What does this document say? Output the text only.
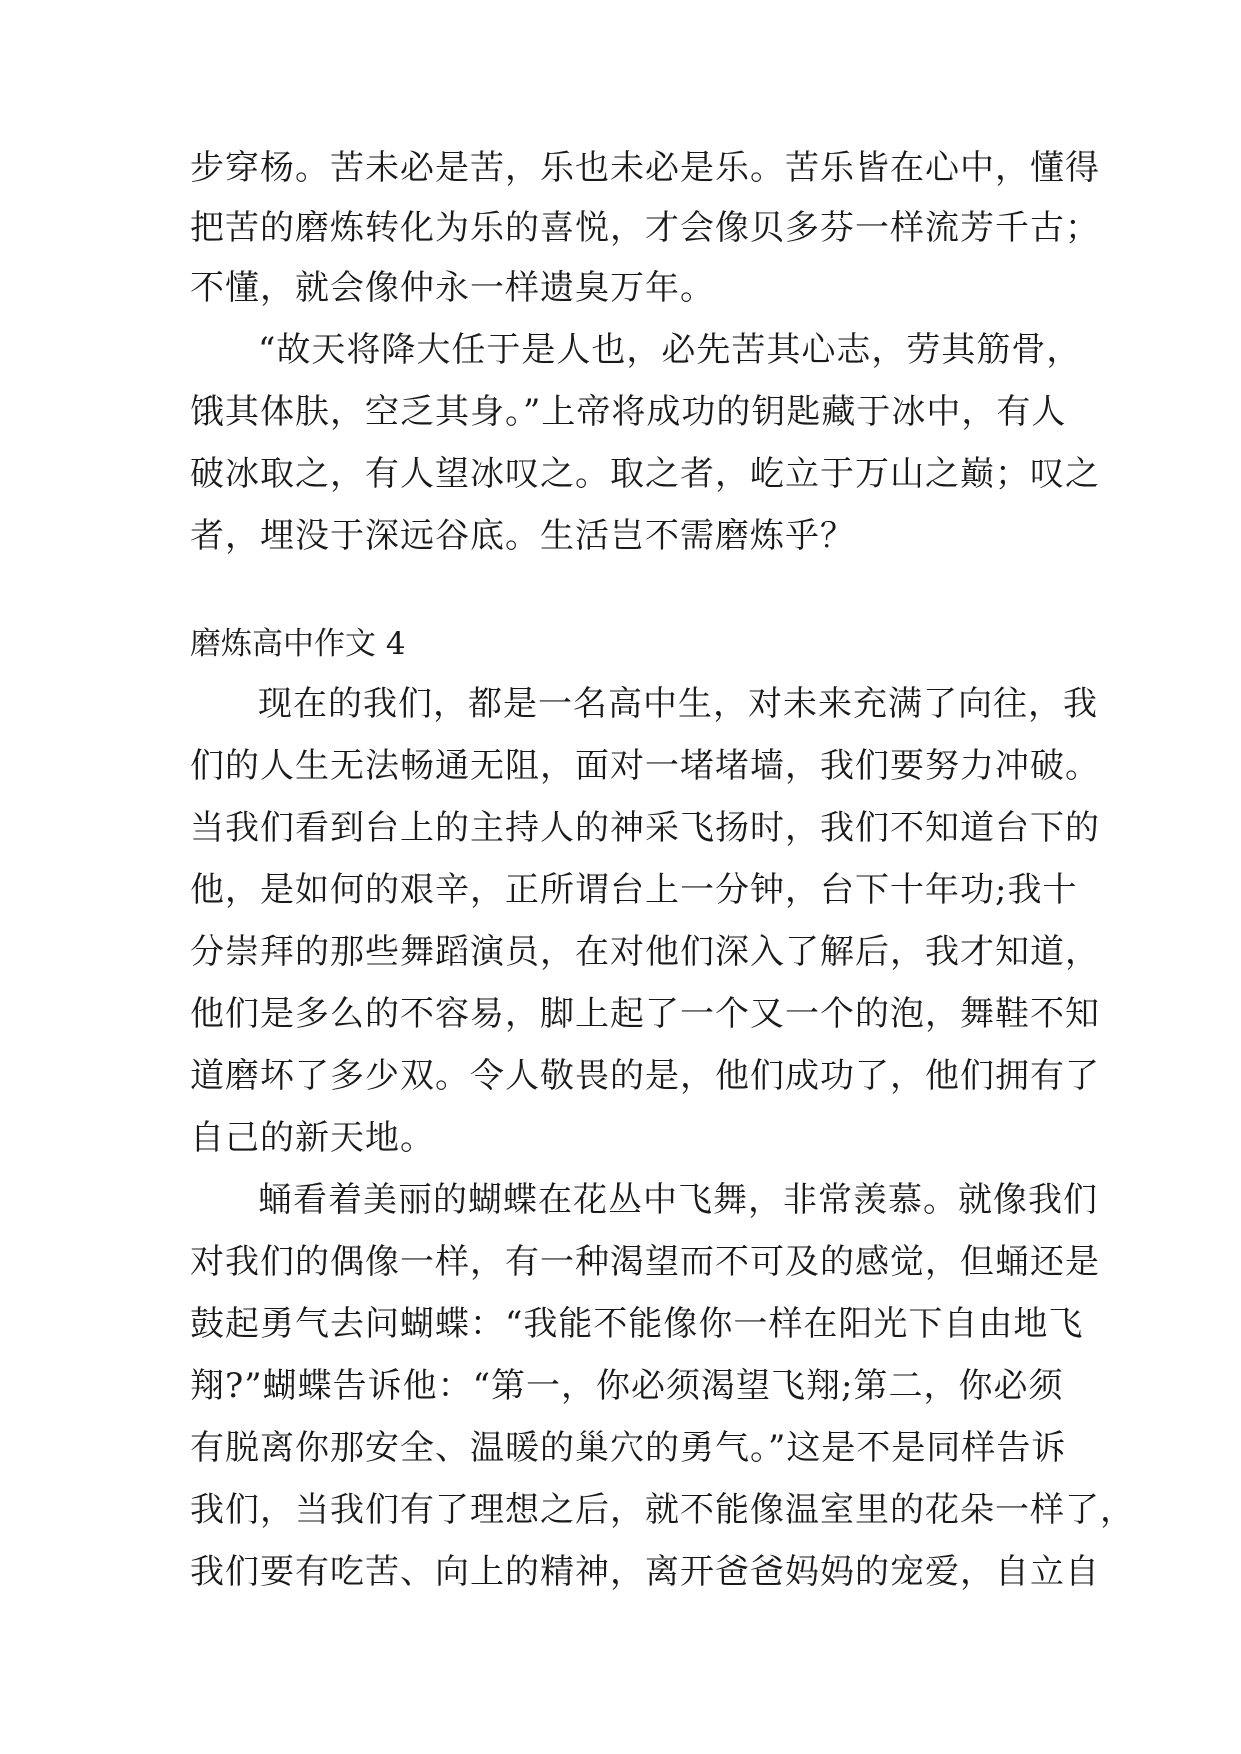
步穿杨。苦未必是苦，乐也未必是乐。苦乐皆在心中，懂得
把苦的磨炼转化为乐的喜悦，才会像贝多芬一样流芳千古；
不懂，就会像仲永一样遗臭万年。
“故天将降大任于是人也，必先苦其心志，劳其筋骨，
饿其体肤，空乏其身。”上帝将成功的钥匙藏于冰中，有人
破冰取之，有人望冰叹之。取之者，屹立于万山之巅；叹之
者，埋没于深远谷底。生活岂不需磨炼乎？
磨炼高中作文 4
现在的我们，都是一名高中生，对未来充满了向往，我
们的人生无法畅通无阻，面对一堵堵墙，我们要努力冲破。
当我们看到台上的主持人的神采飞扬时，我们不知道台下的
他，是如何的艰辛，正所谓台上一分钟，台下十年功;我十
分崇拜的那些舞蹈演员，在对他们深入了解后，我才知道，
他们是多么的不容易，脚上起了一个又一个的泡，舞鞋不知
道磨坏了多少双。令人敬畏的是，他们成功了，他们拥有了
自己的新天地。
蛹看着美丽的蝴蝶在花丛中飞舞，非常羡慕。就像我们
对我们的偶像一样，有一种渴望而不可及的感觉，但蛹还是
鼓起勇气去问蝴蝶：“我能不能像你一样在阳光下自由地飞
翔?”蝴蝶告诉他：“第一，你必须渴望飞翔;第二，你必须
有脱离你那安全、温暖的巢穴的勇气。”这是不是同样告诉
我们，当我们有了理想之后，就不能像温室里的花朵一样了，
我们要有吃苦、向上的精神，离开爸爸妈妈的宠爱，自立自
